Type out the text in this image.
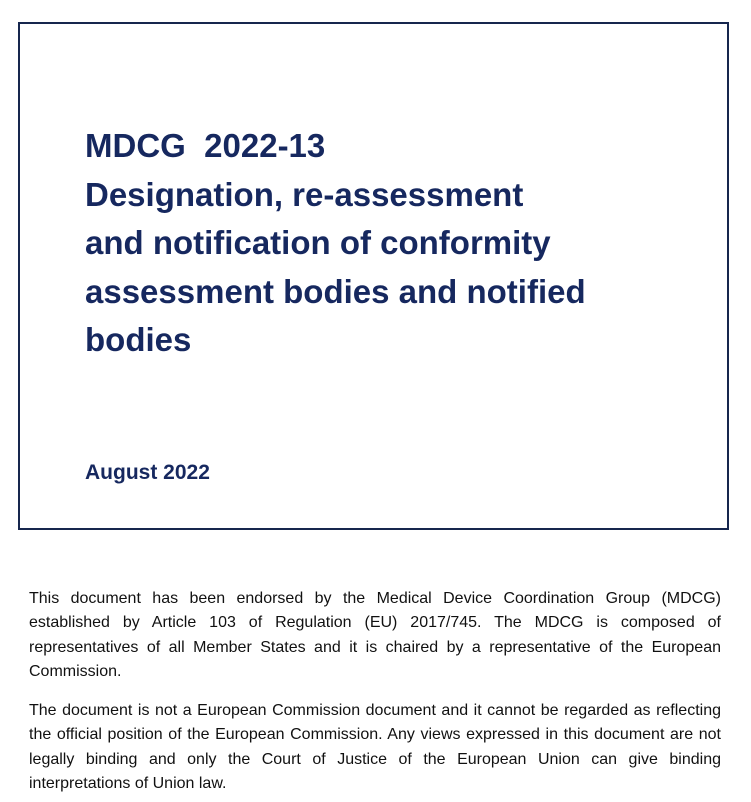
MDCG  2022-13
Designation, re-assessment
and notification of conformity
assessment bodies and notified
bodies
August 2022

This document has been endorsed by the Medical Device Coordination Group (MDCG) established by Article 103 of Regulation (EU) 2017/745. The MDCG is composed of representatives of all Member States and it is chaired by a representative of the European Commission.

The document is not a European Commission document and it cannot be regarded as reflecting the official position of the European Commission. Any views expressed in this document are not legally binding and only the Court of Justice of the European Union can give binding interpretations of Union law.
